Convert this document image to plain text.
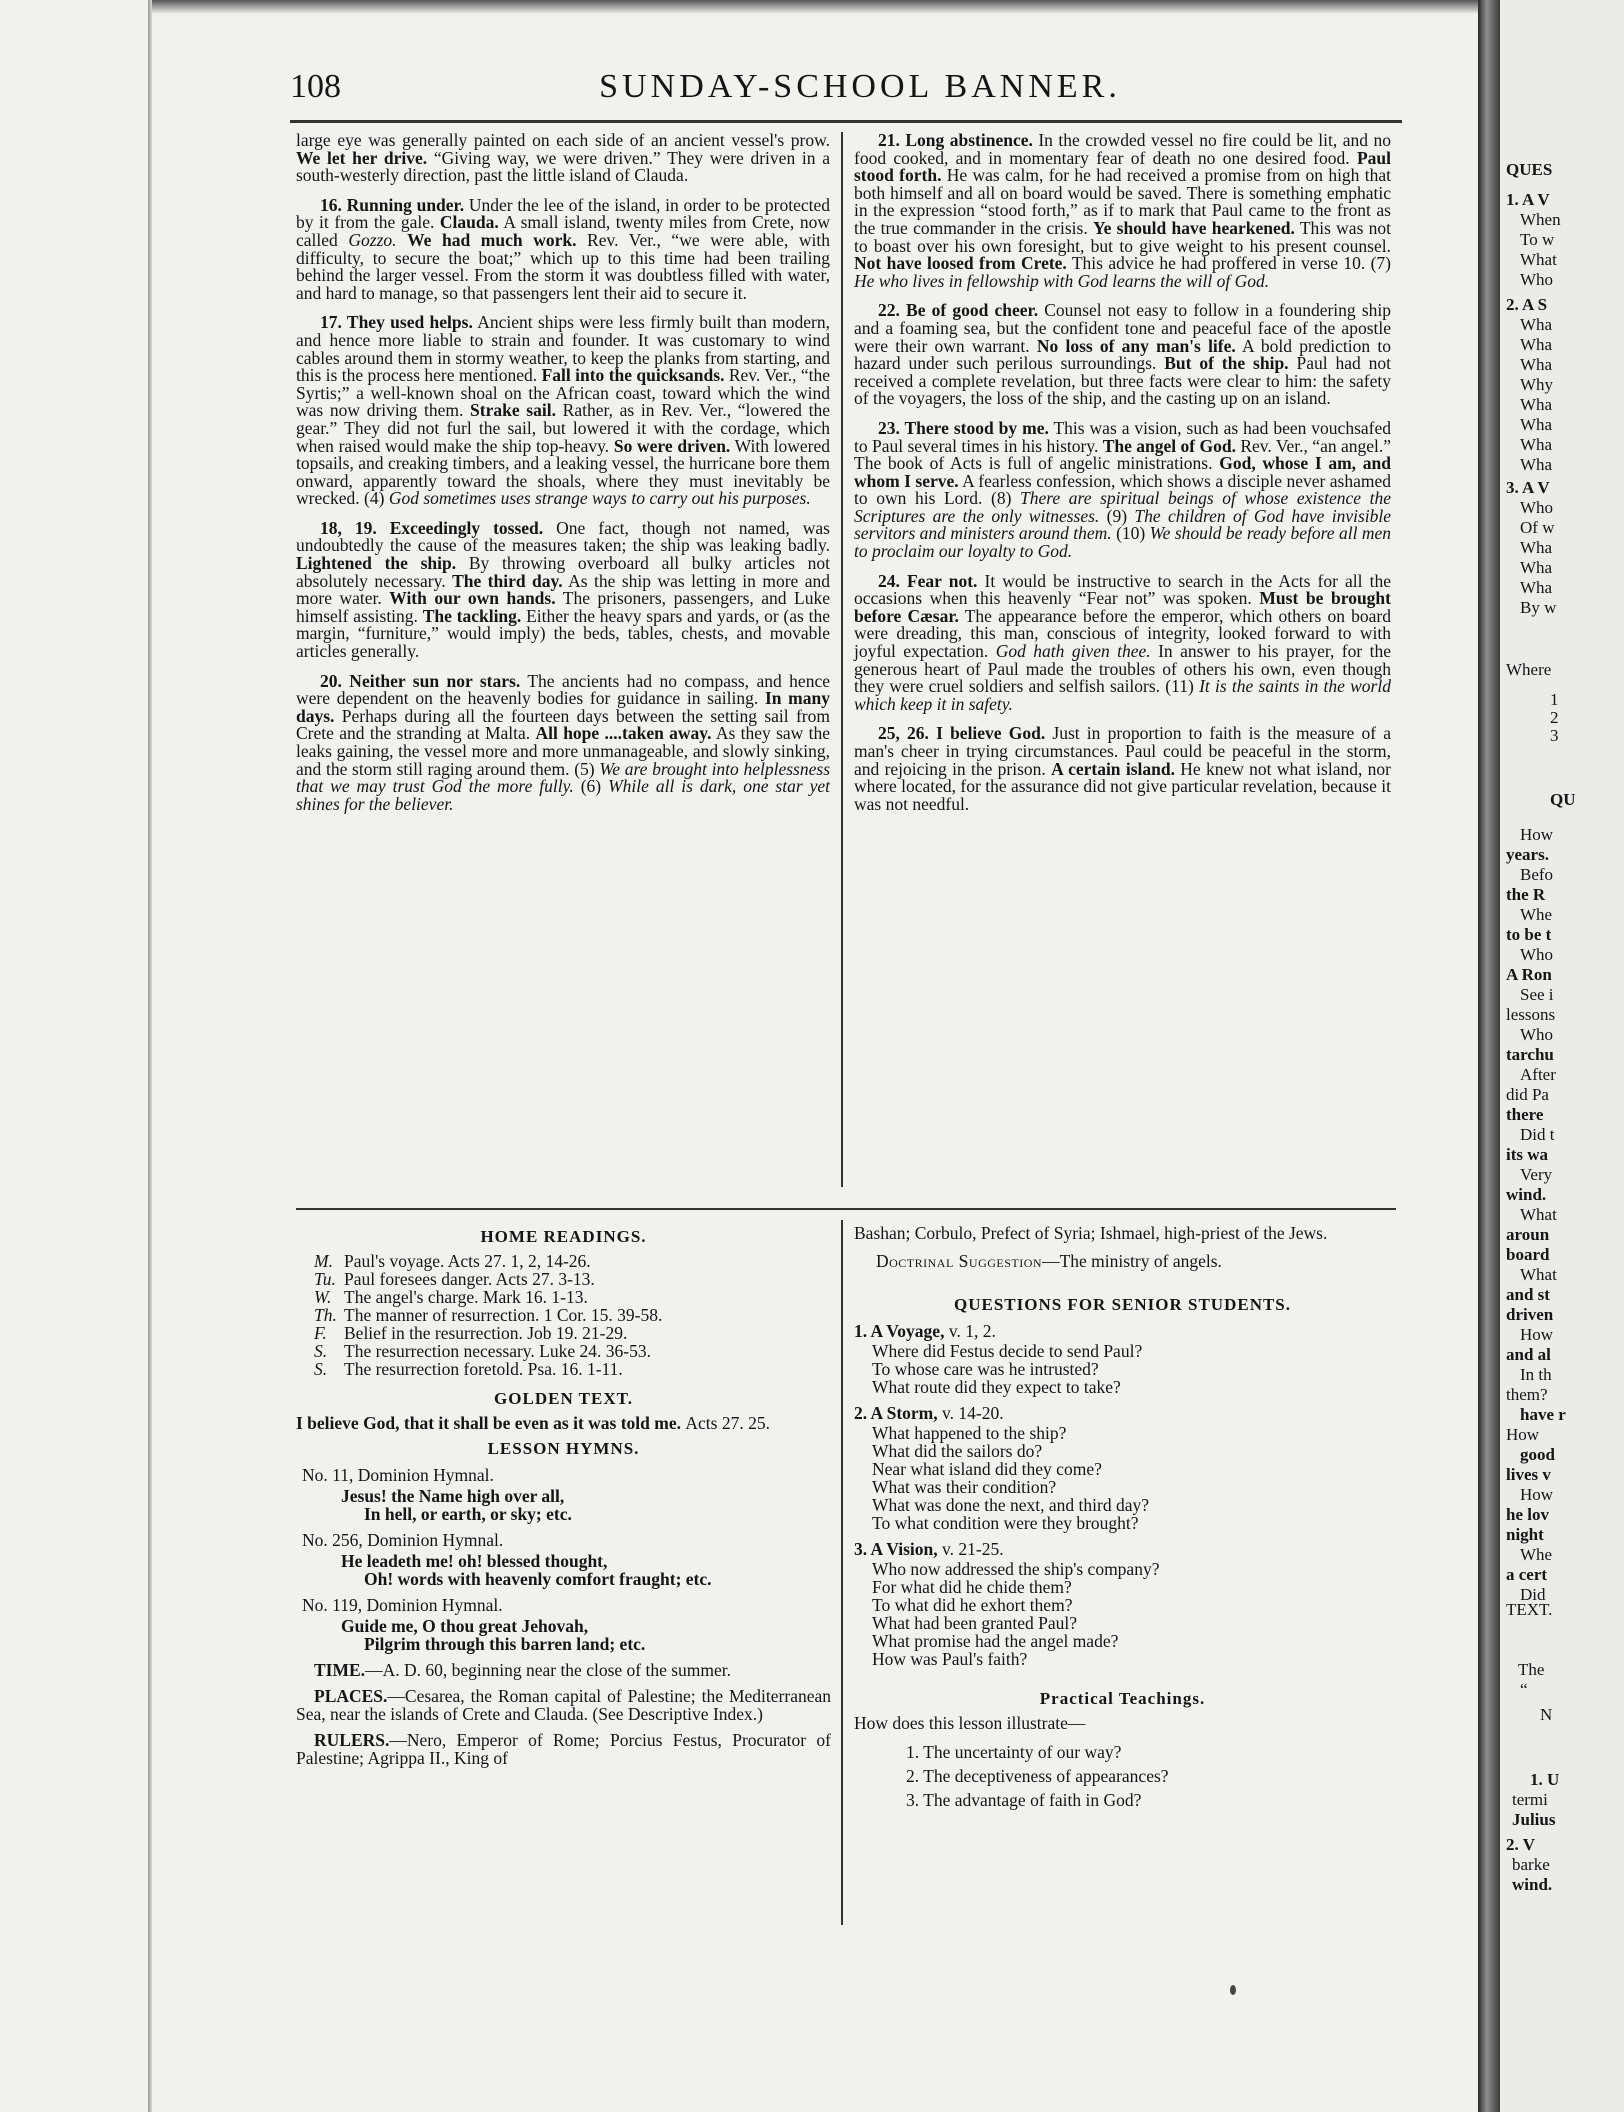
108	SUNDAY-SCHOOL BANNER.

large eye was generally painted on each side of an ancient vessel's prow. We let her drive. “Giving way, we were driven.” They were driven in a south-westerly direction, past the little island of Clauda.

16. Running under. Under the lee of the island, in order to be protected by it from the gale. Clauda. A small island, twenty miles from Crete, now called Gozzo. We had much work. Rev. Ver., “we were able, with difficulty, to secure the boat;” which up to this time had been trailing behind the larger vessel. From the storm it was doubtless filled with water, and hard to manage, so that passengers lent their aid to secure it.

17. They used helps. Ancient ships were less firmly built than modern, and hence more liable to strain and founder. It was customary to wind cables around them in stormy weather, to keep the planks from starting, and this is the process here mentioned. Fall into the quicksands. Rev. Ver., “the Syrtis;” a well-known shoal on the African coast, toward which the wind was now driving them. Strake sail. Rather, as in Rev. Ver., “lowered the gear.” They did not furl the sail, but lowered it with the cordage, which when raised would make the ship top-heavy. So were driven. With lowered topsails, and creaking timbers, and a leaking vessel, the hurricane bore them onward, apparently toward the shoals, where they must inevitably be wrecked. (4) God sometimes uses strange ways to carry out his purposes.

18, 19. Exceedingly tossed. One fact, though not named, was undoubtedly the cause of the measures taken; the ship was leaking badly. Lightened the ship. By throwing overboard all bulky articles not absolutely necessary. The third day. As the ship was letting in more and more water. With our own hands. The prisoners, passengers, and Luke himself assisting. The tackling. Either the heavy spars and yards, or (as the margin, “furniture,” would imply) the beds, tables, chests, and movable articles generally.

20. Neither sun nor stars. The ancients had no compass, and hence were dependent on the heavenly bodies for guidance in sailing. In many days. Perhaps during all the fourteen days between the setting sail from Crete and the stranding at Malta. All hope ....taken away. As they saw the leaks gaining, the vessel more and more unmanageable, and slowly sinking, and the storm still raging around them. (5) We are brought into helplessness that we may trust God the more fully. (6) While all is dark, one star yet shines for the believer.

21. Long abstinence. In the crowded vessel no fire could be lit, and no food cooked, and in momentary fear of death no one desired food. Paul stood forth. He was calm, for he had received a promise from on high that both himself and all on board would be saved. There is something emphatic in the expression “stood forth,” as if to mark that Paul came to the front as the true commander in the crisis. Ye should have hearkened. This was not to boast over his own foresight, but to give weight to his present counsel. Not have loosed from Crete. This advice he had proffered in verse 10. (7) He who lives in fellowship with God learns the will of God.

22. Be of good cheer. Counsel not easy to follow in a foundering ship and a foaming sea, but the confident tone and peaceful face of the apostle were their own warrant. No loss of any man's life. A bold prediction to hazard under such perilous surroundings. But of the ship. Paul had not received a complete revelation, but three facts were clear to him: the safety of the voyagers, the loss of the ship, and the casting up on an island.

23. There stood by me. This was a vision, such as had been vouchsafed to Paul several times in his history. The angel of God. Rev. Ver., “an angel.” The book of Acts is full of angelic ministrations. God, whose I am, and whom I serve. A fearless confession, which shows a disciple never ashamed to own his Lord. (8) There are spiritual beings of whose existence the Scriptures are the only witnesses. (9) The children of God have invisible servitors and ministers around them. (10) We should be ready before all men to proclaim our loyalty to God.

24. Fear not. It would be instructive to search in the Acts for all the occasions when this heavenly “Fear not” was spoken. Must be brought before Cæsar. The appearance before the emperor, which others on board were dreading, this man, conscious of integrity, looked forward to with joyful expectation. God hath given thee. In answer to his prayer, for the generous heart of Paul made the troubles of others his own, even though they were cruel soldiers and selfish sailors. (11) It is the saints in the world which keep it in safety.

25, 26. I believe God. Just in proportion to faith is the measure of a man's cheer in trying circumstances. Paul could be peaceful in the storm, and rejoicing in the prison. A certain island. He knew not what island, nor where located, for the assurance did not give particular revelation, because it was not needful.

HOME READINGS.
M. Paul's voyage. Acts 27. 1, 2, 14-26.
Tu. Paul foresees danger. Acts 27. 3-13.
W. The angel's charge. Mark 16. 1-13.
Th. The manner of resurrection. 1 Cor. 15. 39-58.
F. Belief in the resurrection. Job 19. 21-29.
S. The resurrection necessary. Luke 24. 36-53.
S. The resurrection foretold. Psa. 16. 1-11.
GOLDEN TEXT.
I believe God, that it shall be even as it was told me. Acts 27. 25.
LESSON HYMNS.
No. 11, Dominion Hymnal.
Jesus! the Name high over all,
In hell, or earth, or sky; etc.
No. 256, Dominion Hymnal.
He leadeth me! oh! blessed thought,
Oh! words with heavenly comfort fraught; etc.
No. 119, Dominion Hymnal.
Guide me, O thou great Jehovah,
Pilgrim through this barren land; etc.

TIME.—A. D. 60, beginning near the close of the summer.

PLACES.—Cesarea, the Roman capital of Palestine; the Mediterranean Sea, near the islands of Crete and Clauda. (See Descriptive Index.)

RULERS.—Nero, Emperor of Rome; Porcius Festus, Procurator of Palestine; Agrippa II., King of

Bashan; Corbulo, Prefect of Syria; Ishmael, high-priest of the Jews.

Doctrinal Suggestion—The ministry of angels.

QUESTIONS FOR SENIOR STUDENTS.
1. A Voyage, v. 1, 2.
Where did Festus decide to send Paul?
To whose care was he intrusted?
What route did they expect to take?
2. A Storm, v. 14-20.
What happened to the ship?
What did the sailors do?
Near what island did they come?
What was their condition?
What was done the next, and third day?
To what condition were they brought?
3. A Vision, v. 21-25.
Who now addressed the ship's company?
For what did he chide them?
To what did he exhort them?
What had been granted Paul?
What promise had the angel made?
How was Paul's faith?
Practical Teachings.
How does this lesson illustrate—
1. The uncertainty of our way?
2. The deceptiveness of appearances?
3. The advantage of faith in God?
QUES
1. A V
When
To w
What
Who
2. A S
Wha
Wha
Wha
Why
Wha
Wha
Wha
Wha
3. A V
Who
Of w
Wha
Wha
Wha
By w
Where
1
2
3
QU
How
years.
Befo
the R
Whe
to be t
Who
A Ron
See i
lessons
Who
tarchu
After
did Pa
there
Did t
its wa
Very
wind.
What
aroun
board
What
and st
driven
How
and al
In th
them?
have r
How
good
lives v
How
he lov
night
Whe
a cert
Did
TEXT.
The
“
N
1. U
termi
Julius
2. V
barke
wind.
